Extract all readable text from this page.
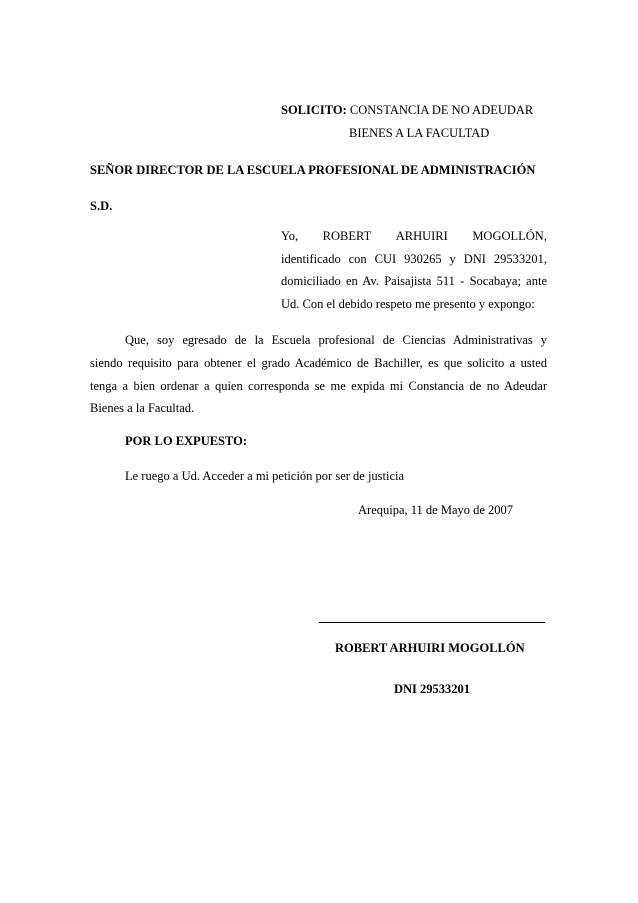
SOLICITO: CONSTANCIA DE NO ADEUDAR
BIENES A LA FACULTAD
SEÑOR DIRECTOR DE LA ESCUELA PROFESIONAL DE ADMINISTRACIÓN
S.D.
Yo, ROBERT ARHUIRI MOGOLLÓN,
identificado con CUI 930265 y DNI 29533201,
domiciliado en Av. Paisajista 511 - Socabaya; ante
Ud. Con el debido respeto me presento y expongo:
Que, soy egresado de la Escuela profesional de Ciencias Administrativas y
siendo requisito para obtener el grado Académico de Bachiller, es que solicito a usted
tenga a bien ordenar a quien corresponda se me expida mi Constancia de no Adeudar
Bienes a la Facultad.
POR LO EXPUESTO:
Le ruego a Ud. Acceder a mi petición por ser de justicia
Arequipa, 11 de Mayo de 2007
ROBERT ARHUIRI MOGOLLÓN
DNI 29533201
